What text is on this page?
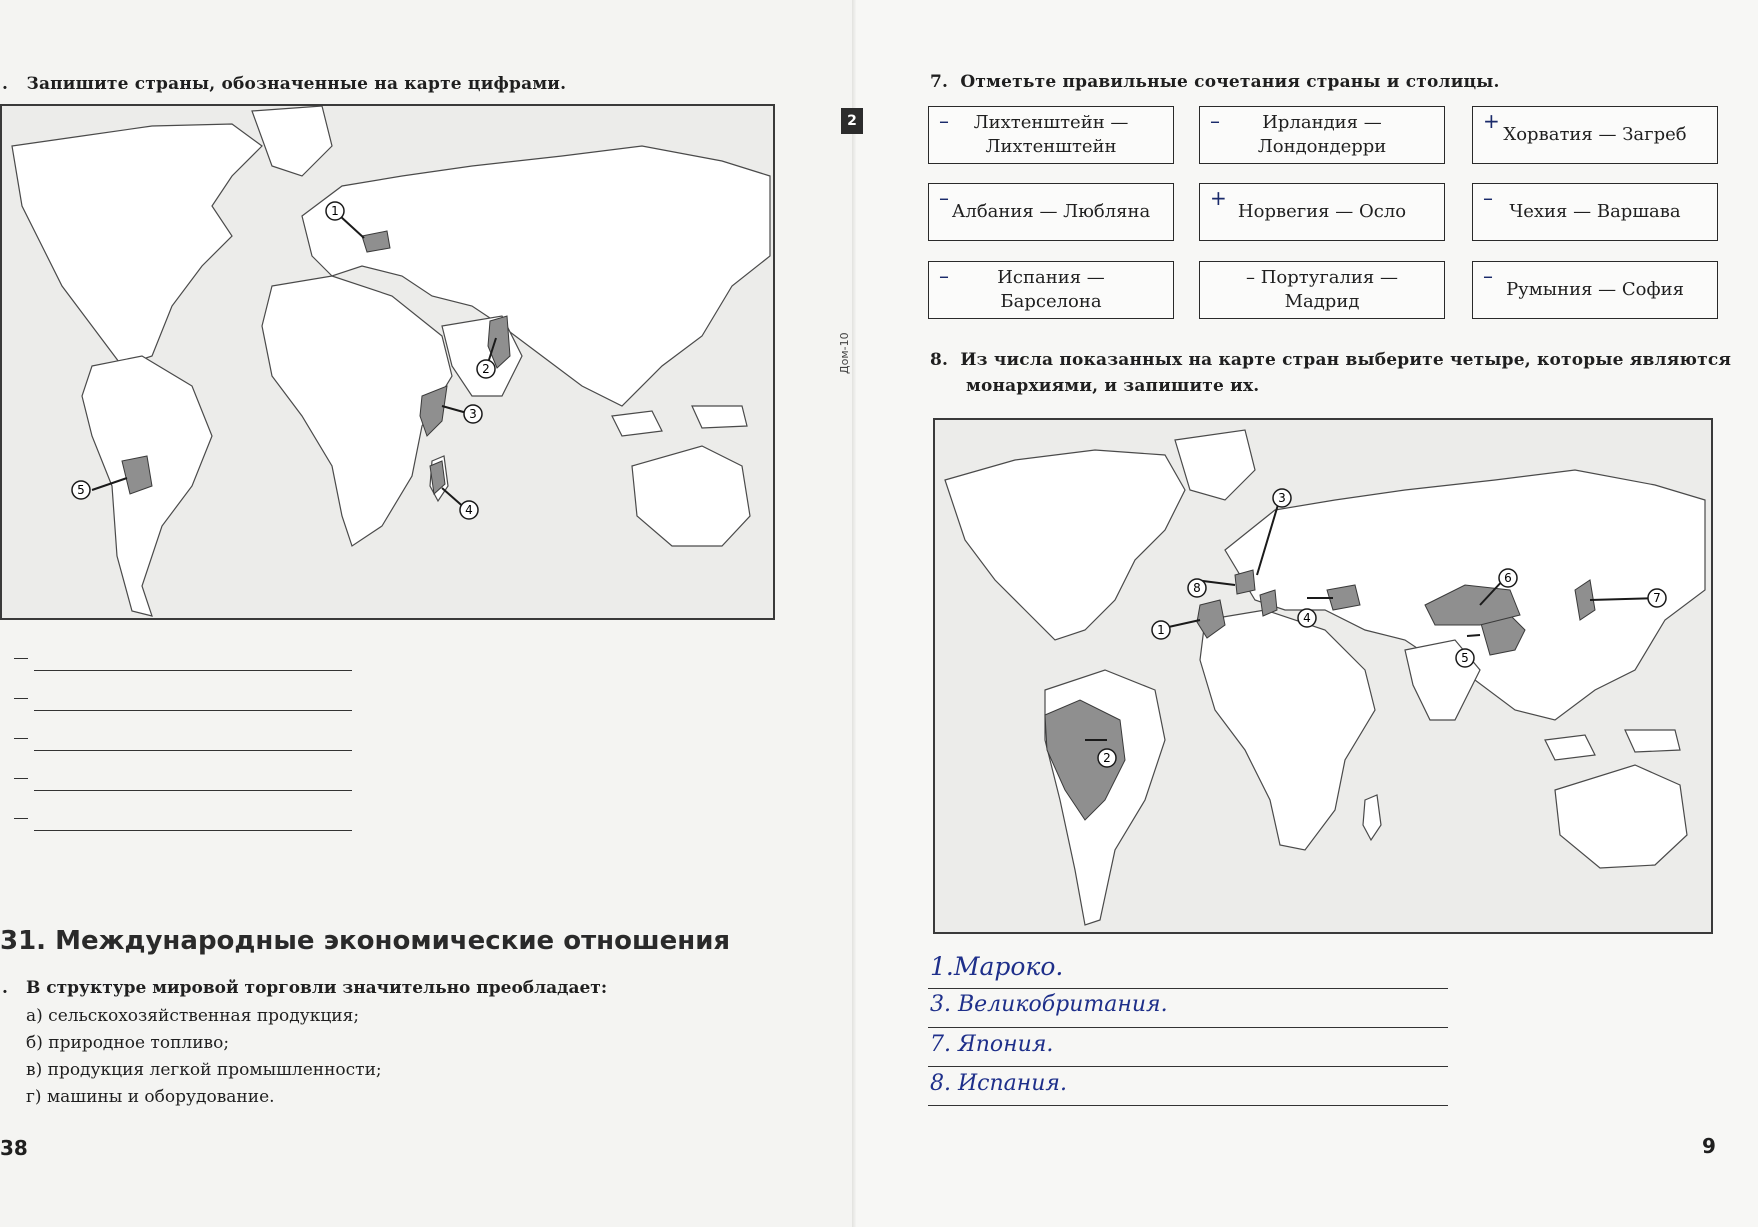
. Запишите страны, обозначенные на карте цифрами.
1
2
3
4
5
31. Международные экономические отношения
. В структуре мировой торговли значительно преобладает:
а) сельскохозяйственная продукция;
б) природное топливо;
в) продукция легкой промышленности;
г) машины и оборудование.
38
2
Дом-10
7. Отметьте правильные сочетания страны и столицы.
– Лихтенштейн —
Лихтенштейн
– Ирландия —
Лондондерри
+
Хорватия — Загреб
–
Албания — Любляна
+
Норвегия — Осло
–
Чехия — Варшава
–	Испания —
Барселона
– Португалия —
Мадрид
–
Румыния — София
8. Из числа показанных на карте стран выберите четыре, которые являются
монархиями, и запишите их.
1
2
3
4
5
6
7
8
1.Мароко.
3. Великобритания.
7. Япония.
8. Испания.
9
